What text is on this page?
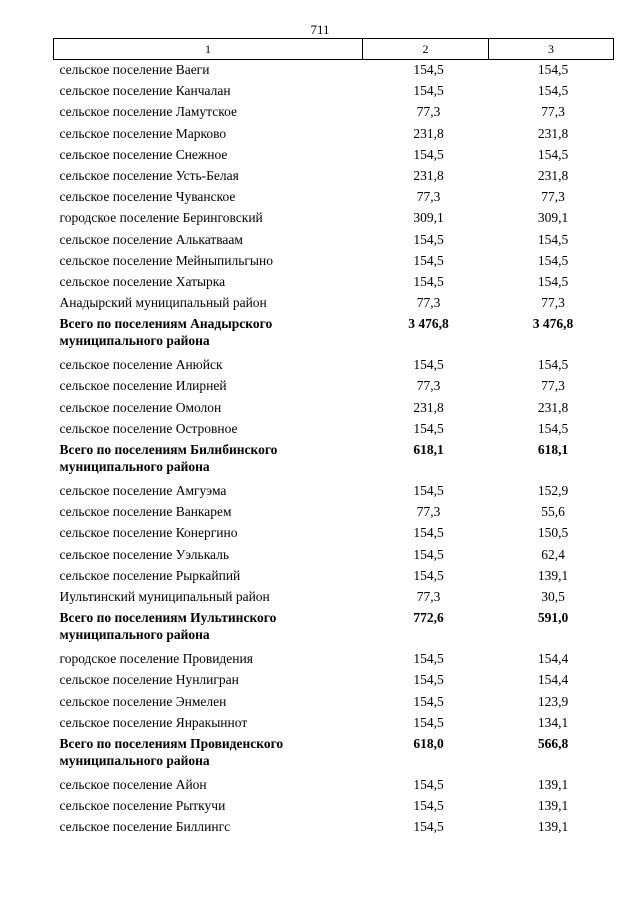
711
1	2	3
сельское поселение Ваеги	154,5	154,5
сельское поселение Канчалан	154,5	154,5
сельское поселение Ламутское	77,3	77,3
сельское поселение Марково	231,8	231,8
сельское поселение Снежное	154,5	154,5
сельское поселение Усть-Белая	231,8	231,8
сельское поселение Чуванское	77,3	77,3
городское поселение Беринговский	309,1	309,1
сельское поселение Алькатваам	154,5	154,5
сельское поселение Мейныпильгыно	154,5	154,5
сельское поселение Хатырка	154,5	154,5
Анадырский муниципальный район	77,3	77,3
Всего по поселениям Анадырского муниципального района	3 476,8	3 476,8
сельское поселение Анюйск	154,5	154,5
сельское поселение Илирней	77,3	77,3
сельское поселение Омолон	231,8	231,8
сельское поселение Островное	154,5	154,5
Всего по поселениям Билибинского муниципального района	618,1	618,1
сельское поселение Амгуэма	154,5	152,9
сельское поселение Ванкарем	77,3	55,6
сельское поселение Конергино	154,5	150,5
сельское поселение Уэлькаль	154,5	62,4
сельское поселение Рыркайпий	154,5	139,1
Иультинский муниципальный район	77,3	30,5
Всего по поселениям Иультинского муниципального района	772,6	591,0
городское поселение Провидения	154,5	154,4
сельское поселение Нунлигран	154,5	154,4
сельское поселение Энмелен	154,5	123,9
сельское поселение Янракыннот	154,5	134,1
Всего по поселениям Провиденского муниципального района	618,0	566,8
сельское поселение Айон	154,5	139,1
сельское поселение Рыткучи	154,5	139,1
сельское поселение Биллингс	154,5	139,1
